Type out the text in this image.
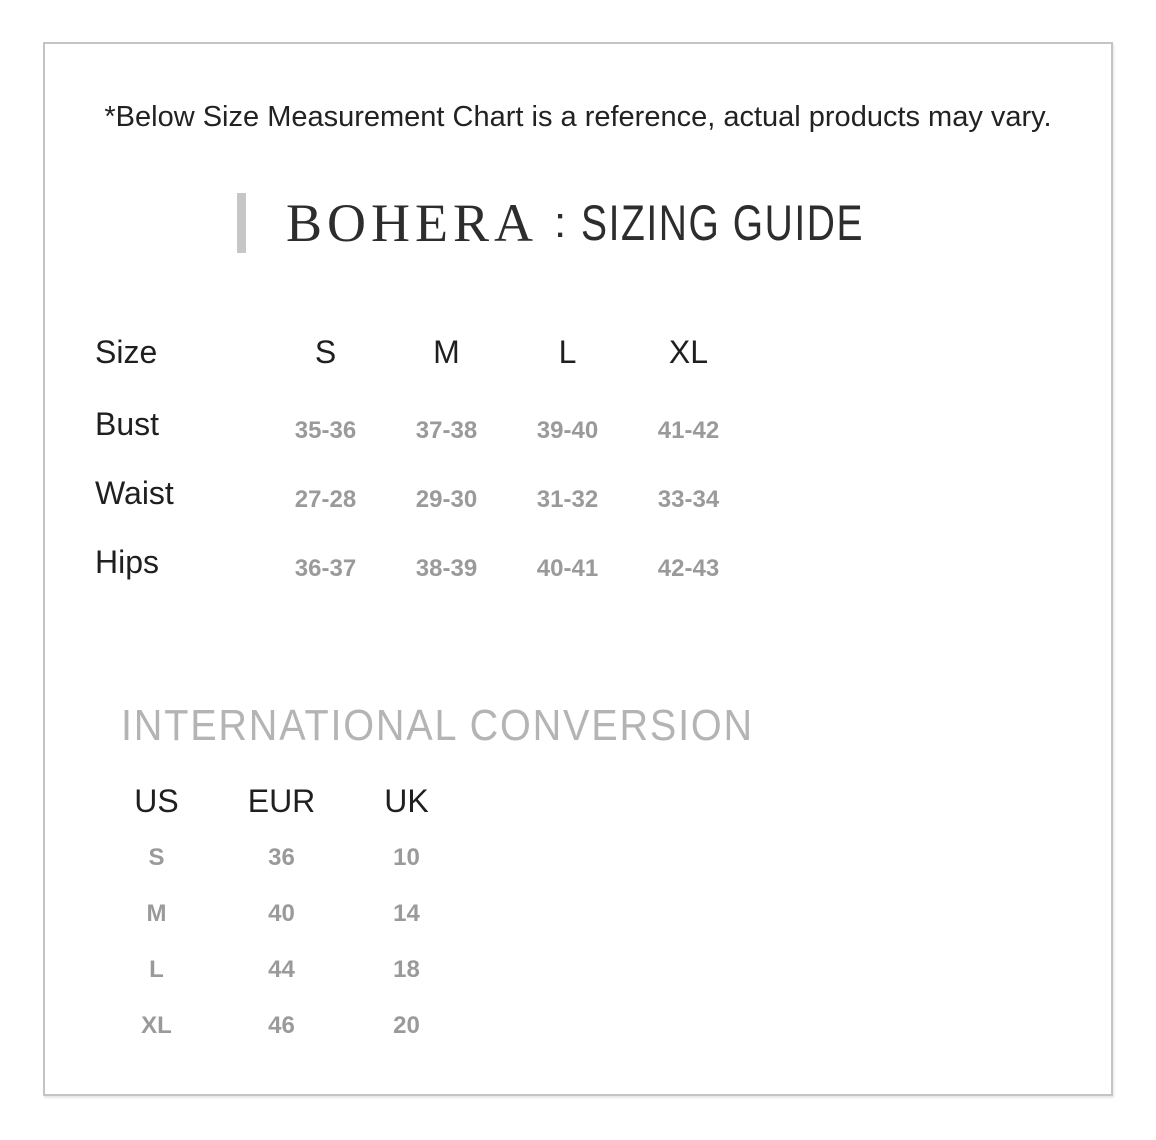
*Below Size Measurement Chart is a reference, actual products may vary.
BOHERA : SIZING GUIDE
Size	S	M	L	XL
Bust	35-36	37-38	39-40	41-42
Waist	27-28	29-30	31-32	33-34
Hips	36-37	38-39	40-41	42-43
INTERNATIONAL CONVERSION
US	EUR	UK
S	36	10
M	40	14
L	44	18
XL	46	20
